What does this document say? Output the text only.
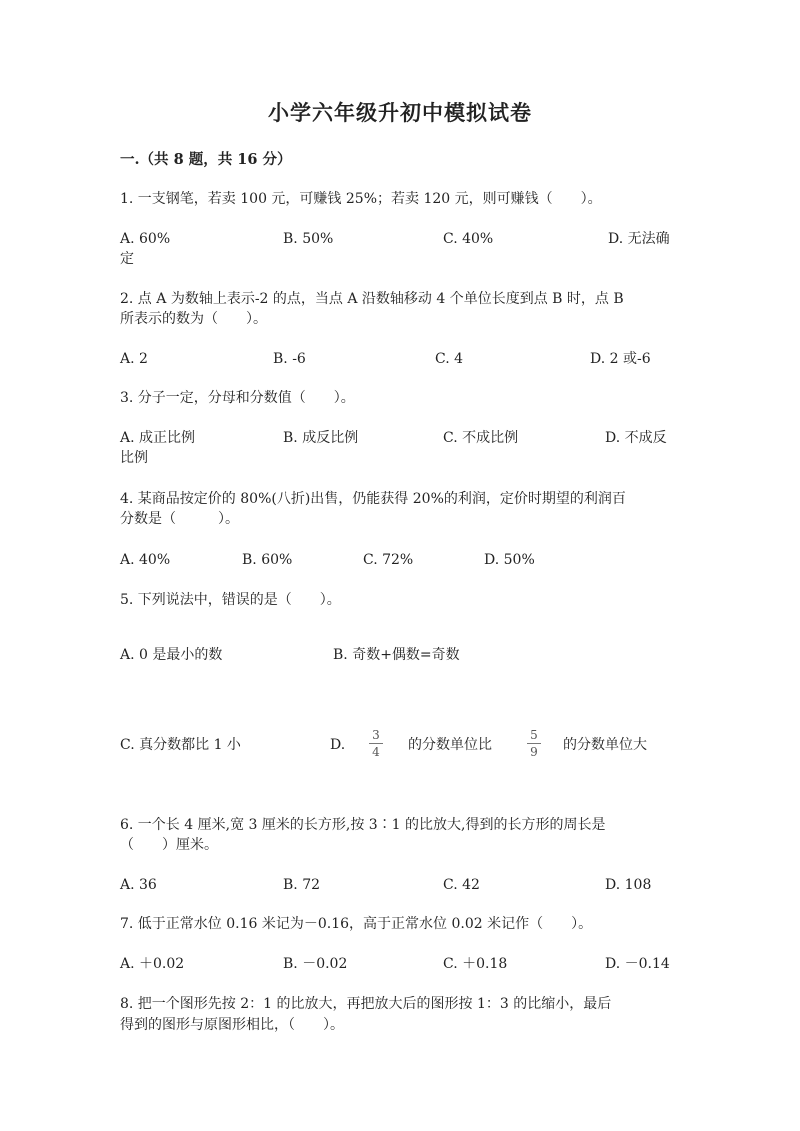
小学六年级升初中模拟试卷
一.（共 8 题，共 16 分）
1. 一支钢笔，若卖 100 元，可赚钱 25%；若卖 120 元，则可赚钱（　　）。
A. 60%	B. 50%	C. 40%	D. 无法确
定
2. 点 A 为数轴上表示-2 的点，当点 A 沿数轴移动 4 个单位长度到点 B 时，点 B
所表示的数为（　　）。
A. 2	B. -6	C. 4	D. 2 或-6
3. 分子一定，分母和分数值（　　）。
A. 成正比例	B. 成反比例	C. 不成比例	D. 不成反
比例
4. 某商品按定价的 80%(八折)出售，仍能获得 20%的利润，定价时期望的利润百
分数是（　　　）。
A. 40%	B. 60%	C. 72%	D. 50%
5. 下列说法中，错误的是（　　）。
A. 0 是最小的数	B. 奇数+偶数=奇数
C. 真分数都比 1 小	D.
3
4 的分数单位比
5
9 的分数单位大
6. 一个长 4 厘米,宽 3 厘米的长方形,按 3∶1 的比放大,得到的长方形的周长是
（　　）厘米。
A. 36	B. 72	C. 42	D. 108
7. 低于正常水位 0.16 米记为－0.16，高于正常水位 0.02 米记作（　　）。
A. ＋0.02	B. －0.02	C. ＋0.18	D. －0.14
8. 把一个图形先按 2：1 的比放大，再把放大后的图形按 1：3 的比缩小，最后
得到的图形与原图形相比，（　　）。
